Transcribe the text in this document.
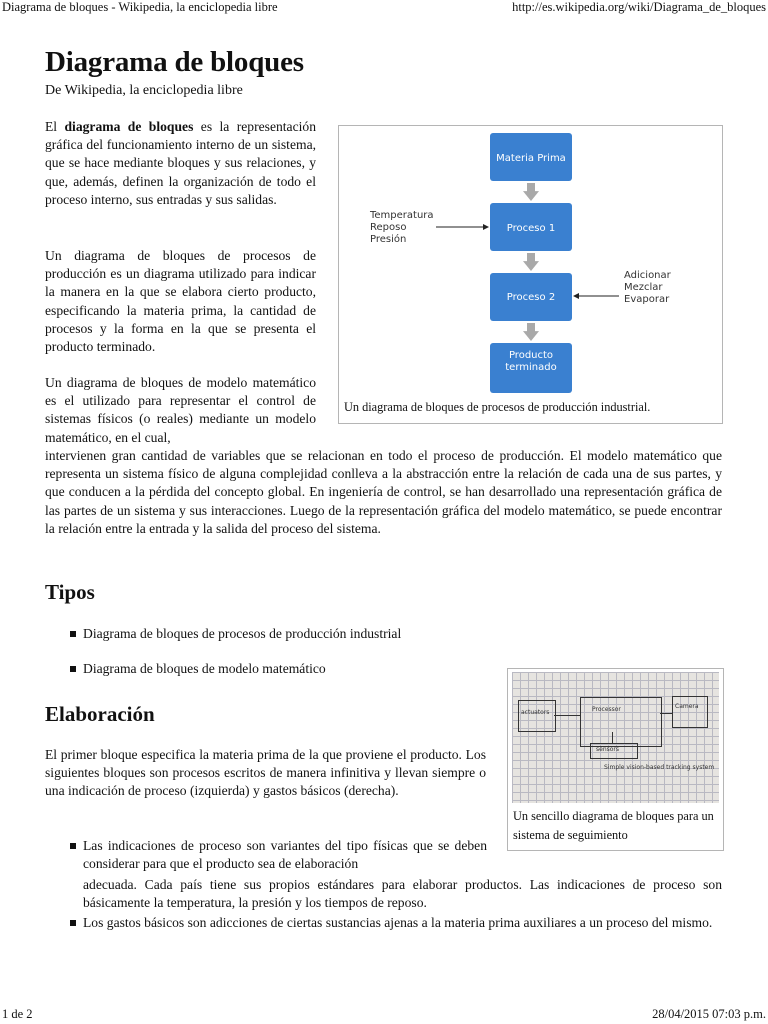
Diagrama de bloques - Wikipedia, la enciclopedia libre	http://es.wikipedia.org/wiki/Diagrama_de_bloques
Diagrama de bloques
De Wikipedia, la enciclopedia libre

El diagrama de bloques es la representación gráfica del funcionamiento interno de un sistema, que se hace mediante bloques y sus relaciones, y que, además, definen la organización de todo el proceso interno, sus entradas y sus salidas.

Un diagrama de bloques de procesos de producción es un diagrama utilizado para indicar la manera en la que se elabora cierto producto, especificando la materia prima, la cantidad de procesos y la forma en la que se presenta el producto terminado.

Un diagrama de bloques de modelo matemático es el utilizado para representar el control de sistemas físicos (o reales) mediante un modelo matemático, en el cual,

intervienen gran cantidad de variables que se relacionan en todo el proceso de producción. El modelo matemático que representa un sistema físico de alguna complejidad conlleva a la abstracción entre la relación de cada una de sus partes, y que conducen a la pérdida del concepto global. En ingeniería de control, se han desarrollado una representación gráfica de las partes de un sistema y sus interacciones. Luego de la representación gráfica del modelo matemático, se puede encontrar la relación entre la entrada y la salida del proceso del sistema.

Temperatura
Reposo
Presión
Adicionar
Mezclar
Evaporar
Materia Prima
Proceso 1
Proceso 2
Producto terminado
Un diagrama de bloques de procesos de producción industrial.
Tipos
Diagrama de bloques de procesos de producción industrial
Diagrama de bloques de modelo matemático
actuators	Processor	Camera
sensors
Simple vision-based tracking system
Un sencillo diagrama de bloques para un sistema de seguimiento
Elaboración

El primer bloque especifica la materia prima de la que proviene el producto. Los siguientes bloques son procesos escritos de manera infinitiva y llevan siempre o una indicación de proceso (izquierda) y gastos básicos (derecha).

Las indicaciones de proceso son variantes del tipo físicas que se deben considerar para que el producto sea de elaboración
adecuada. Cada país tiene sus propios estándares para elaborar productos. Las indicaciones de proceso son básicamente la temperatura, la presión y los tiempos de reposo.
Los gastos básicos son adicciones de ciertas sustancias ajenas a la materia prima auxiliares a un proceso del mismo.
1 de 2	28/04/2015 07:03 p.m.
